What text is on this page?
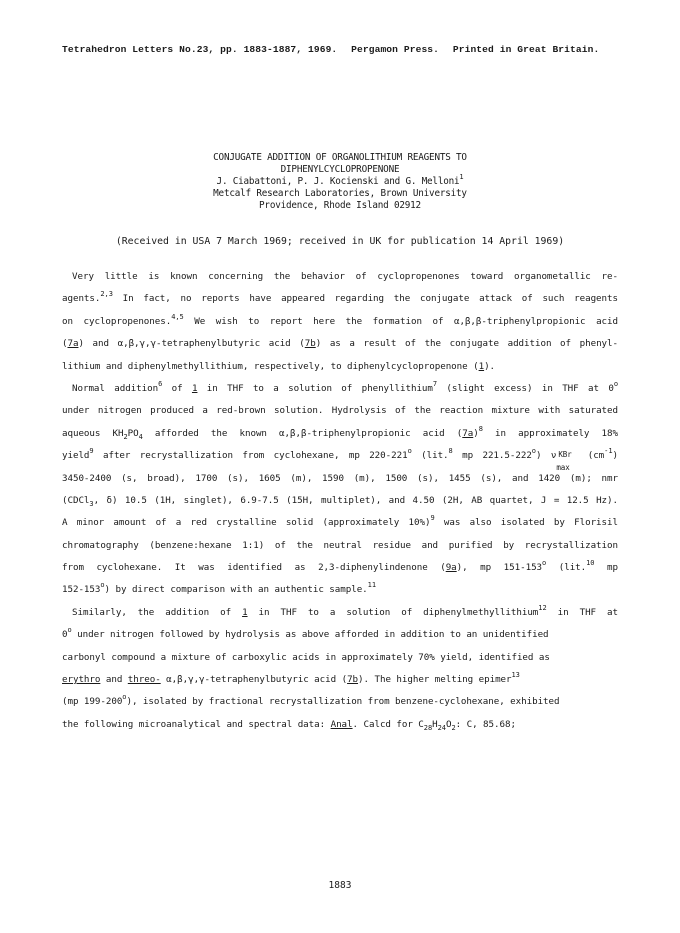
Tetrahedron Letters No.23, pp. 1883-1887, 1969. Pergamon Press. Printed in Great Britain.
CONJUGATE ADDITION OF ORGANOLITHIUM REAGENTS TO
DIPHENYLCYCLOPROPENONE
J. Ciabattoni, P. J. Kocienski and G. Melloni$^1$
Metcalf Research Laboratories, Brown University
Providence, Rhode Island 02912
(Received in USA 7 March 1969; received in UK for publication 14 April 1969)

Very little is known concerning the behavior of cyclopropenones toward organometallic re-
agents.$^{2,3}$ In fact, no reports have appeared regarding the conjugate attack of such reagents
on cyclopropenones.$^{4,5}$ We wish to report here the formation of α,β,β-triphenylpropionic acid
(7a) and α,β,γ,γ-tetraphenylbutyric acid (7b) as a result of the conjugate addition of phenyl-
lithium and diphenylmethyllithium, respectively, to diphenylcyclopropenone (1).

Normal addition$^6$ of 1 in THF to a solution of phenyllithium$^7$ (slight excess) in THF at 0$^o$
under nitrogen produced a red-brown solution. Hydrolysis of the reaction mixture with saturated
aqueous $KH_2PO_4$ afforded the known α,β,β-triphenylpropionic acid $(7a)^8$ in approximately 18%
yield$^9$ after recrystallization from cyclohexane, mp 220-221$^o$ (lit.$^8$ mp 221.5-222$^o$) ν KBr
max
$(cm^{-1})$
3450-2400 (s, broad), 1700 (s), 1605 (m), 1590 (m), 1500 (s), 1455 (s), and 1420 (m); nmr
(CDCl$_3$, δ) 10.5 (1H, singlet), 6.9-7.5 (15H, multiplet), and 4.50 (2H, AB quartet, J = 12.5 Hz).
A minor amount of a red crystalline solid (approximately 10%)$^9$ was also isolated by Florisil
chromatography (benzene:hexane 1:1) of the neutral residue and purified by recrystallization
from cyclohexane. It was identified as 2,3-diphenylindenone (9a), mp 151-153$^o$ (lit.$^{10}$ mp
152-153$^o$) by direct comparison with an authentic sample.$^{11}$

Similarly, the addition of 1 in THF to a solution of diphenylmethyllithium$^{12}$ in THF at
0$^o$ under nitrogen followed by hydrolysis as above afforded in addition to an unidentified
carbonyl compound a mixture of carboxylic acids in approximately 70% yield, identified as
erythro and threo- α,β,γ,γ-tetraphenylbutyric acid (7b). The higher melting epimer$^{13}$
(mp 199-200$^o$), isolated by fractional recrystallization from benzene-cyclohexane, exhibited
the following microanalytical and spectral data: Anal. Calcd for $C_{28}H_{24}O_2$: C, 85.68;

1883
